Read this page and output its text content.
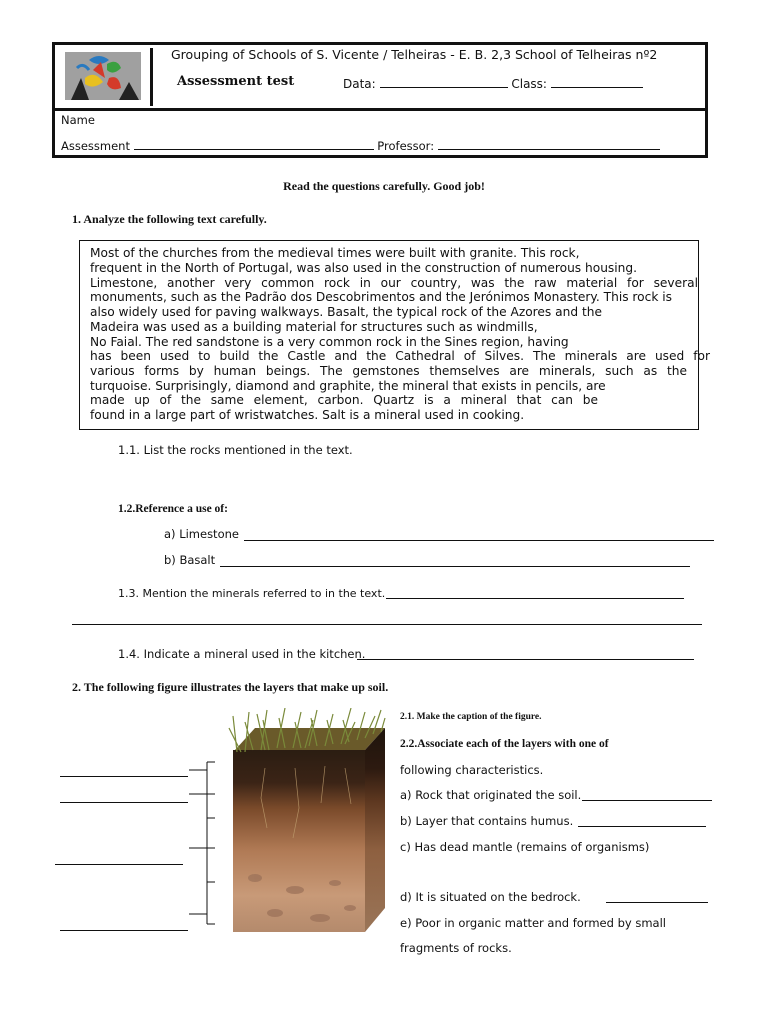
Grouping of Schools of S. Vicente / Telheiras - E. B. 2,3 School of Telheiras nº2
Assessment test	Data:	Class:
Name
Assessment	Professor:
Read the questions carefully. Good job!
1. Analyze the following text carefully.
Most of the churches from the medieval times were built with granite. This rock,
frequent in the North of Portugal, was also used in the construction of numerous housing.
Limestone, another very common rock in our country, was the raw material for several
monuments, such as the Padrão dos Descobrimentos and the Jerónimos Monastery. This rock is
also widely used for paving walkways. Basalt, the typical rock of the Azores and the
Madeira was used as a building material for structures such as windmills,
No Faial. The red sandstone is a very common rock in the Sines region, having
has been used to build the Castle and the Cathedral of Silves. The minerals are used for
various forms by human beings. The gemstones themselves are minerals, such as the
turquoise. Surprisingly, diamond and graphite, the mineral that exists in pencils, are
made up of the same element, carbon. Quartz is a mineral that can be
found in a large part of wristwatches. Salt is a mineral used in cooking.
1.1. List the rocks mentioned in the text.
1.2.Reference a use of:
a) Limestone
b) Basalt
1.3. Mention the minerals referred to in the text.
1.4. Indicate a mineral used in the kitchen.
2. The following figure illustrates the layers that make up soil.
2.1. Make the caption of the figure.
2.2.Associate each of the layers with one of
following characteristics.
a) Rock that originated the soil.
b) Layer that contains humus.
c) Has dead mantle (remains of organisms)
d) It is situated on the bedrock.
e) Poor in organic matter and formed by small
fragments of rocks.
